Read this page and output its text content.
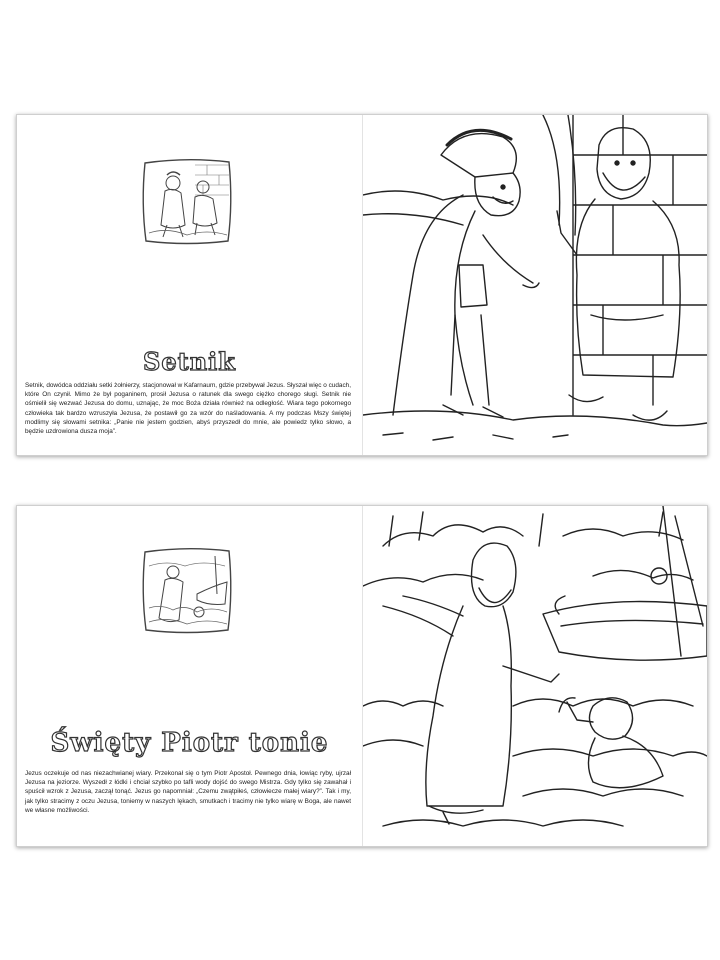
Setnik
Setnik, dowódca oddziału setki żołnierzy, stacjonował w Kafarnaum, gdzie przebywał Jezus. Słyszał więc o cudach, które On czynił. Mimo że był poganinem, prosił Jezusa o ratunek dla swego ciężko chorego sługi. Setnik nie ośmielił się wezwać Jezusa do domu, uznając, że moc Boża działa również na odległość. Wiara tego pokornego człowieka tak bardzo wzruszyła Jezusa, że postawił go za wzór do naśladowania. A my podczas Mszy świętej modlimy się słowami setnika: „Panie nie jestem godzien, abyś przyszedł do mnie, ale powiedz tylko słowo, a będzie uzdrowiona dusza moja”.
Święty Piotr tonie
Jezus oczekuje od nas niezachwianej wiary. Przekonał się o tym Piotr Apostoł. Pewnego dnia, łowiąc ryby, ujrzał Jezusa na jeziorze. Wyszedł z łódki i chciał szybko po tafli wody dojść do swego Mistrza. Gdy tylko się zawahał i spuścił wzrok z Jezusa, zaczął tonąć. Jezus go napomniał: „Czemu zwątpiłeś, człowiecze małej wiary?”. Tak i my, jak tylko stracimy z oczu Jezusa, toniemy w naszych lękach, smutkach i tracimy nie tylko wiarę w Boga, ale nawet we własne możliwości.
